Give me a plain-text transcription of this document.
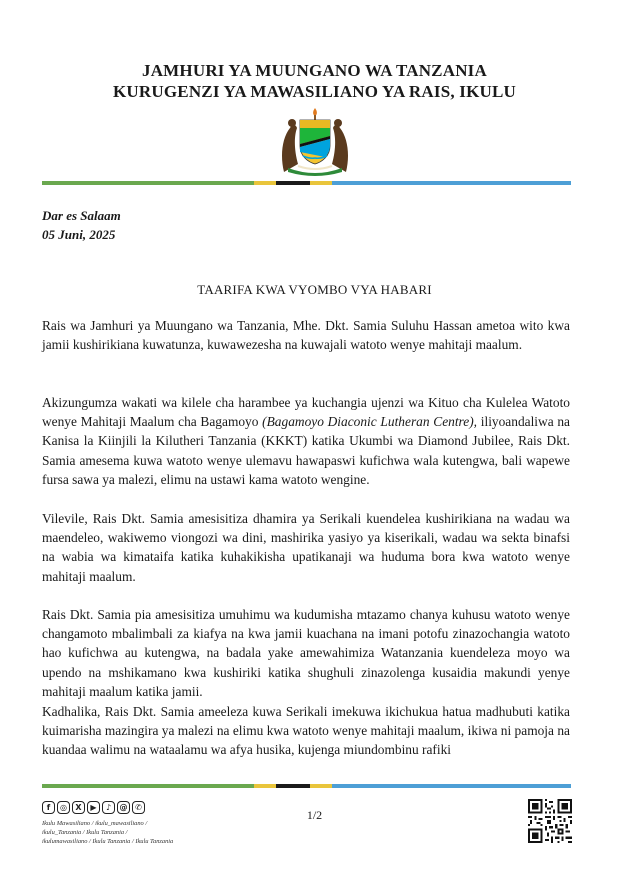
JAMHURI YA MUUNGANO WA TANZANIA
KURUGENZI YA MAWASILIANO YA RAIS, IKULU
Dar es Salaam
05 Juni, 2025
TAARIFA KWA VYOMBO VYA HABARI

Rais wa Jamhuri ya Muungano wa Tanzania, Mhe. Dkt. Samia Suluhu Hassan ametoa wito kwa jamii kushirikiana kuwatunza, kuwawezesha na kuwajali watoto wenye mahitaji maalum.

Akizungumza wakati wa kilele cha harambee ya kuchangia ujenzi wa Kituo cha Kulelea Watoto wenye Mahitaji Maalum cha Bagamoyo (Bagamoyo Diaconic Lutheran Centre), iliyoandaliwa na Kanisa la Kiinjili la Kilutheri Tanzania (KKKT) katika Ukumbi wa Diamond Jubilee, Rais Dkt. Samia amesema kuwa watoto wenye ulemavu hawapaswi kufichwa wala kutengwa, bali wapewe fursa sawa ya malezi, elimu na ustawi kama watoto wengine.

Vilevile, Rais Dkt. Samia amesisitiza dhamira ya Serikali kuendelea kushirikiana na wadau wa maendeleo, wakiwemo viongozi wa dini, mashirika yasiyo ya kiserikali, wadau wa sekta binafsi na wabia wa kimataifa katika kuhakikisha upatikanaji wa huduma bora kwa watoto wenye mahitaji maalum.

Rais Dkt. Samia pia amesisitiza umuhimu wa kudumisha mtazamo chanya kuhusu watoto wenye changamoto mbalimbali za kiafya na kwa jamii kuachana na imani potofu zinazochangia watoto hao kufichwa au kutengwa, na badala yake amewahimiza Watanzania kuendeleza moyo wa upendo na mshikamano kwa kushiriki katika shughuli zinazolenga kusaidia makundi yenye mahitaji maalum katika jamii.

Kadhalika, Rais Dkt. Samia ameeleza kuwa Serikali imekuwa ikichukua hatua madhubuti katika kuimarisha mazingira ya malezi na elimu kwa watoto wenye mahitaji maalum, ikiwa ni pamoja na kuandaa walimu na wataalamu wa afya husika, kujenga miundombinu rafiki

f	◎	X	▶	♪	@ ✆
Ikulu Mawasiliano / ikulu_mawasiliano /
ikulu_Tanzania / Ikulu Tanzania /
ikulumawasiliano / Ikulu Tanzania / Ikulu Tanzania
1/2
